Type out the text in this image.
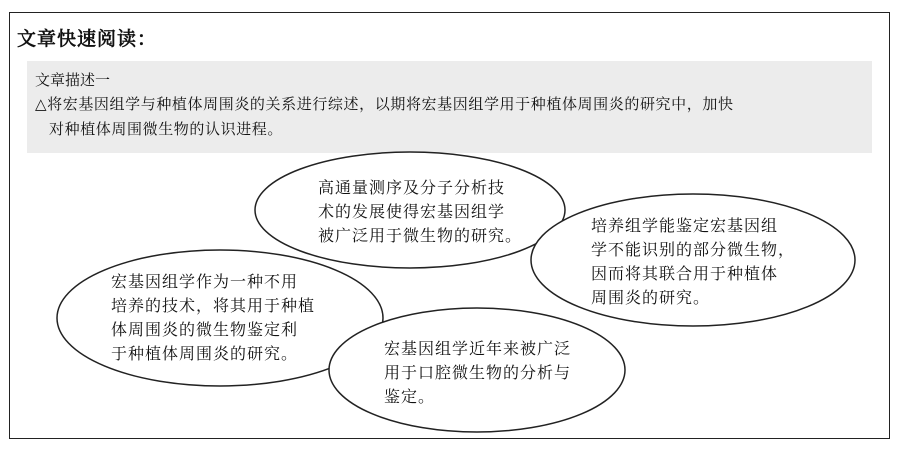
文章快速阅读：
文章描述一
△将宏基因组学与种植体周围炎的关系进行综述，以期将宏基因组学用于种植体周围炎的研究中，加快
对种植体周围微生物的认识进程。
高通量测序及分子分析技
术的发展使得宏基因组学
被广泛用于微生物的研究。
培养组学能鉴定宏基因组
学不能识别的部分微生物，
因而将其联合用于种植体
周围炎的研究。
宏基因组学作为一种不用
培养的技术，将其用于种植
体周围炎的微生物鉴定利
于种植体周围炎的研究。	宏基因组学近年来被广泛
用于口腔微生物的分析与
鉴定。
